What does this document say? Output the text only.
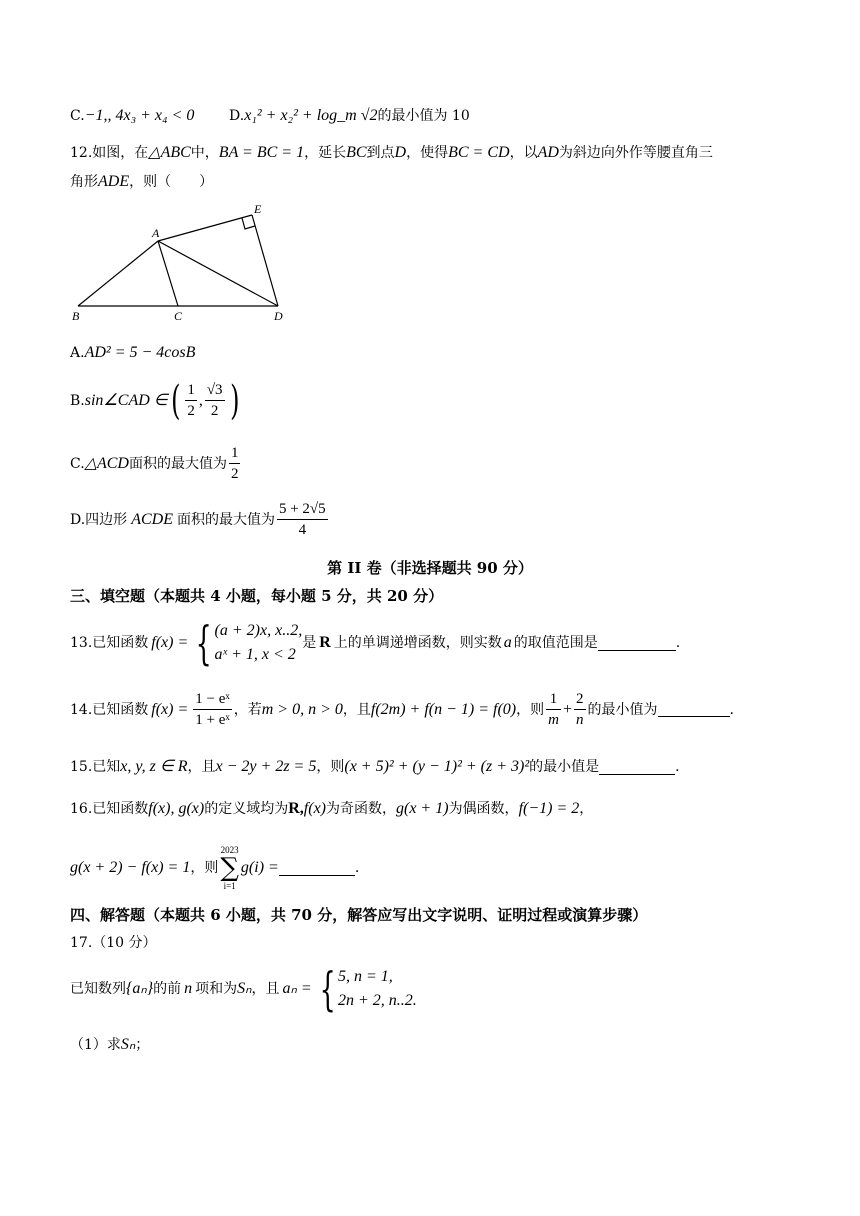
C.−1,, 4x₃ + x₄ < 0 D.x₁² + x₂² + log_m √2的最小值为 10
12.如图，在△ABC中，BA = BC = 1，延长BC到点D，使得BC = CD，以AD为斜边向外作等腰直角三
角形ADE，则（　　）
A
B	C	D
E
A.AD² = 5 − 4cosB
B. sin∠CAD ∈ ( $\frac{1}{2}$ , $\frac{√3}{2}$ )
C. △ACD 面积的最大值为 $\frac{1}{2}$
D.四边形 ACDE 面积的最大值为 $\frac{5 + 2√5}{4}$
第 II 卷（非选择题共 90 分）
三、填空题（本题共 4 小题，每小题 5 分，共 20 分）
13.已知函数 f(x) = { (a + 2)x, x..2,
aˣ + 1, x < 2
是 R 上的单调递增函数，则实数 a 的取值范围是	.
14.已知函数 $f(x) = \frac{\text{1 − eˣ}}{\text{1 + eˣ}}$ ，若 m > 0, n > 0 ，且 f(2m) + f(n − 1) = f(0) ，则 $\frac{1}{m} + \frac{2}{n}$ 的最小值为	.
15.已知 x, y, z ∈ R ，且 x − 2y + 2z = 5 ，则 (x + 5)² + (y − 1)² + (z + 3)² 的最小值是	.
16.已知函数 f(x), g(x) 的定义域均为 R, f(x) 为奇函数， g(x + 1) 为偶函数， f(−1) = 2 ，
g(x + 2) − f(x) = 1 ，则
2023
∑
i=1
g(i) =	.
四、解答题（本题共 6 小题，共 70 分，解答应写出文字说明、证明过程或演算步骤）
17.（10 分）
已知数列 {aₙ} 的前 n 项和为 Sₙ ，且 aₙ = { 5, n = 1,
2n + 2, n..2.
（1）求Sₙ；
